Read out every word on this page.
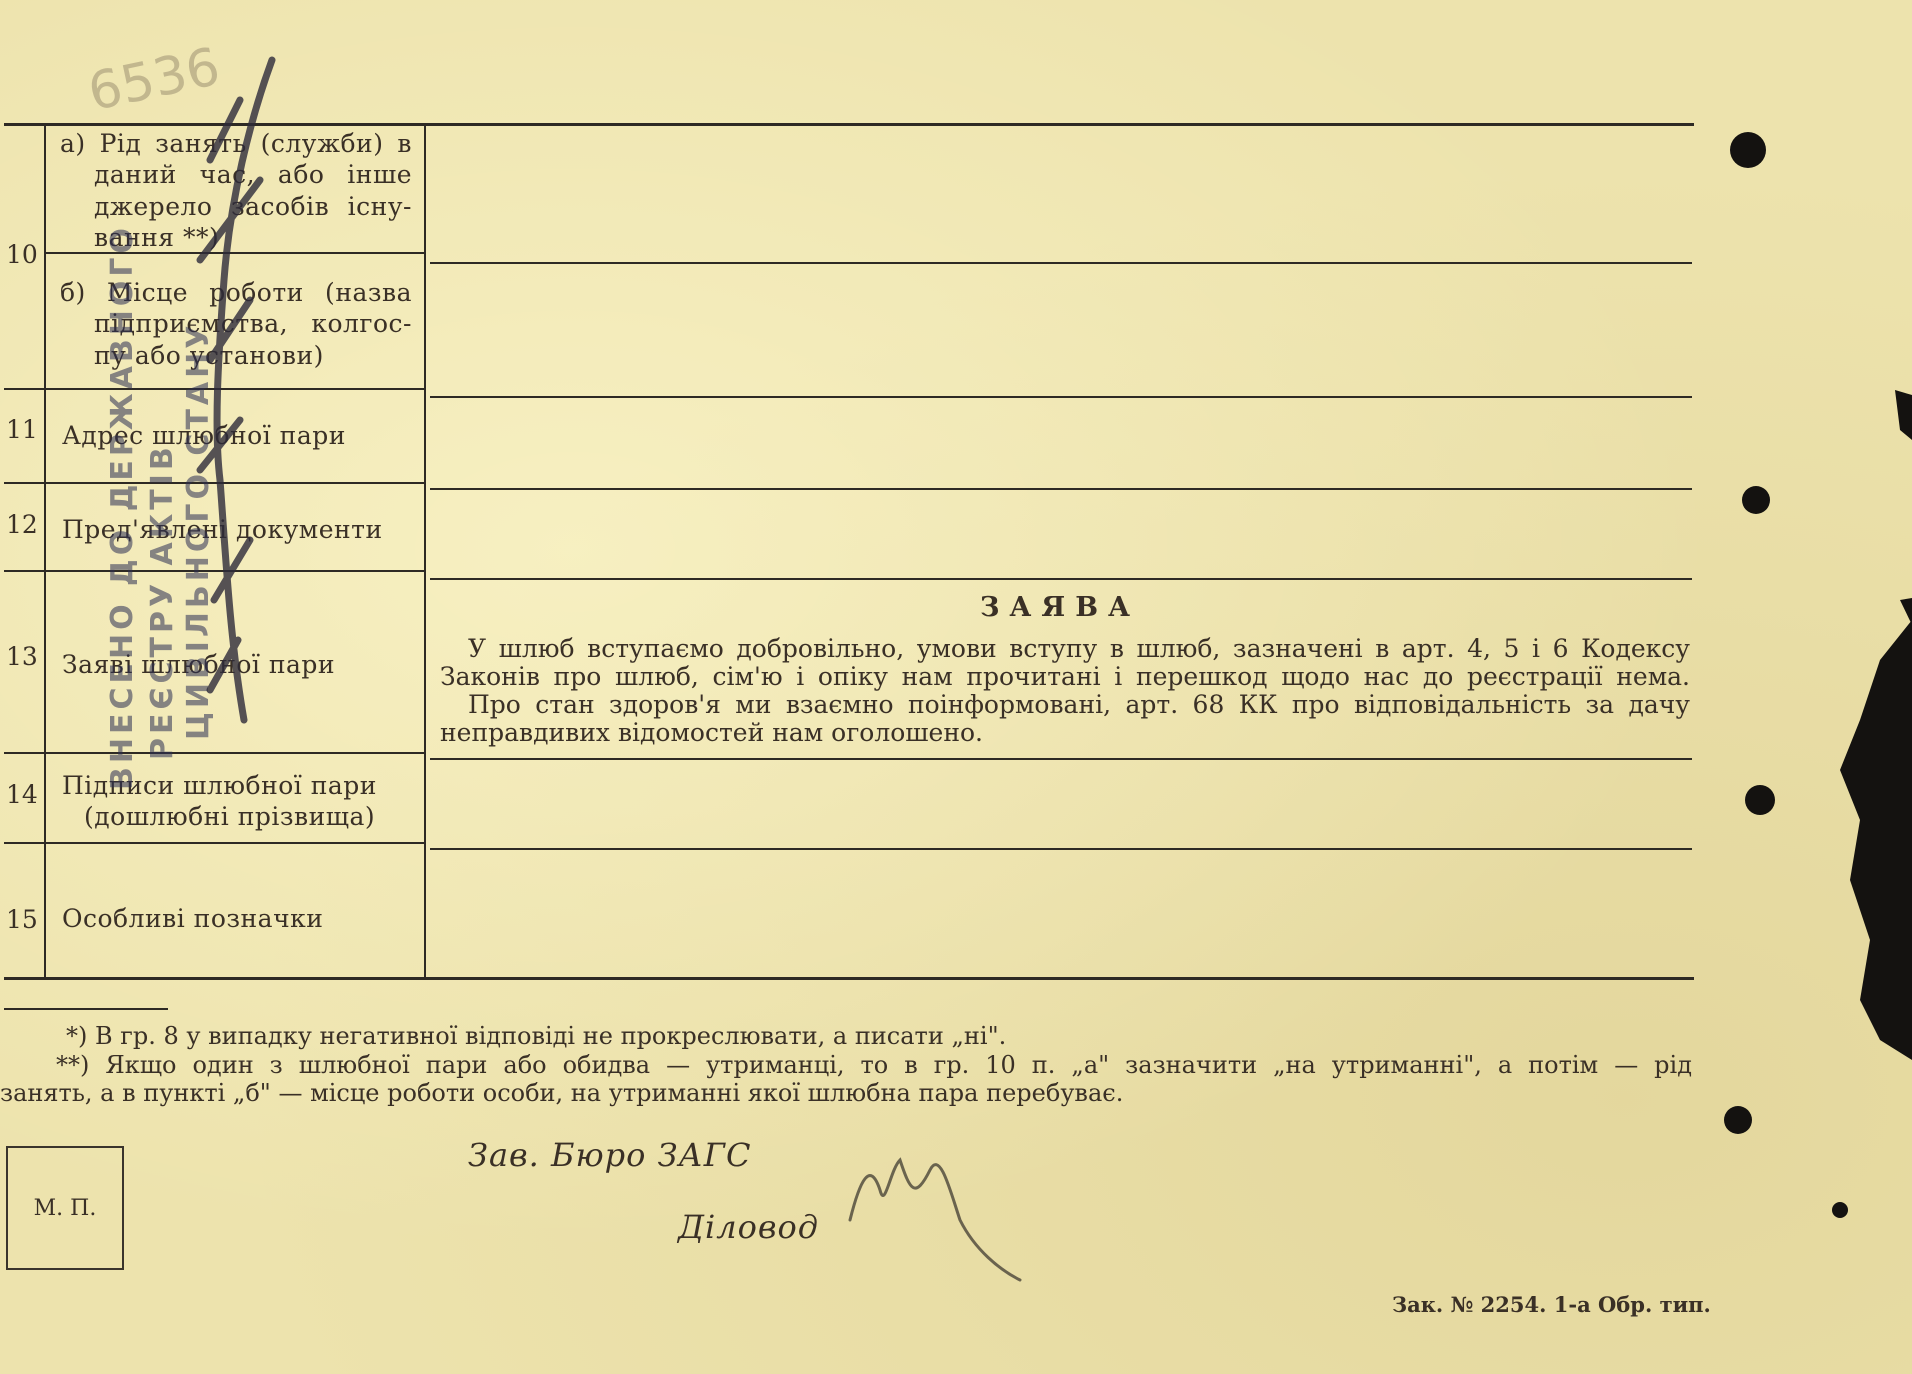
6536
10
11
12
13
14
15
а) Рід занять (служби) в
даний час, або інше
джерело засобів існу-
вання **)
б) Місце роботи (назва
підприємства, колгос-
пу або установи)
Адрес шлюбної пари
Пред'явлені документи
Заяві шлюбної пари
Підписи шлюбної пари
(дошлюбні прізвища)
Особливі позначки
ЗАЯВА
У шлюб вступаємо добровільно, умови вступу в шлюб, зазначені в арт. 4, 5 і 6 Кодексу
Законів про шлюб, сім'ю і опіку нам прочитані і перешкод щодо нас до реєстрації нема.
Про стан здоров'я ми взаємно поінформовані, арт. 68 КК про відповідальність за дачу
неправдивих відомостей нам оголошено.
*) В гр. 8 у випадку негативної відповіді не прокреслювати, а писати „ні".
**) Якщо один з шлюбної пари або обидва — утриманці, то в гр. 10 п. „а" зазначити „на утриманні", а потім — рід
занять, а в пункті „б" — місце роботи особи, на утриманні якої шлюбна пара перебуває.
М. П.
Зав. Бюро ЗАГС
Діловод
Зак. № 2254. 1-а Обр. тип.
ВНЕСЕНО ДО ДЕРЖАВНОГО РЕЄСТРУ АКТІВ ЦИВІЛЬНОГО СТАНУ
